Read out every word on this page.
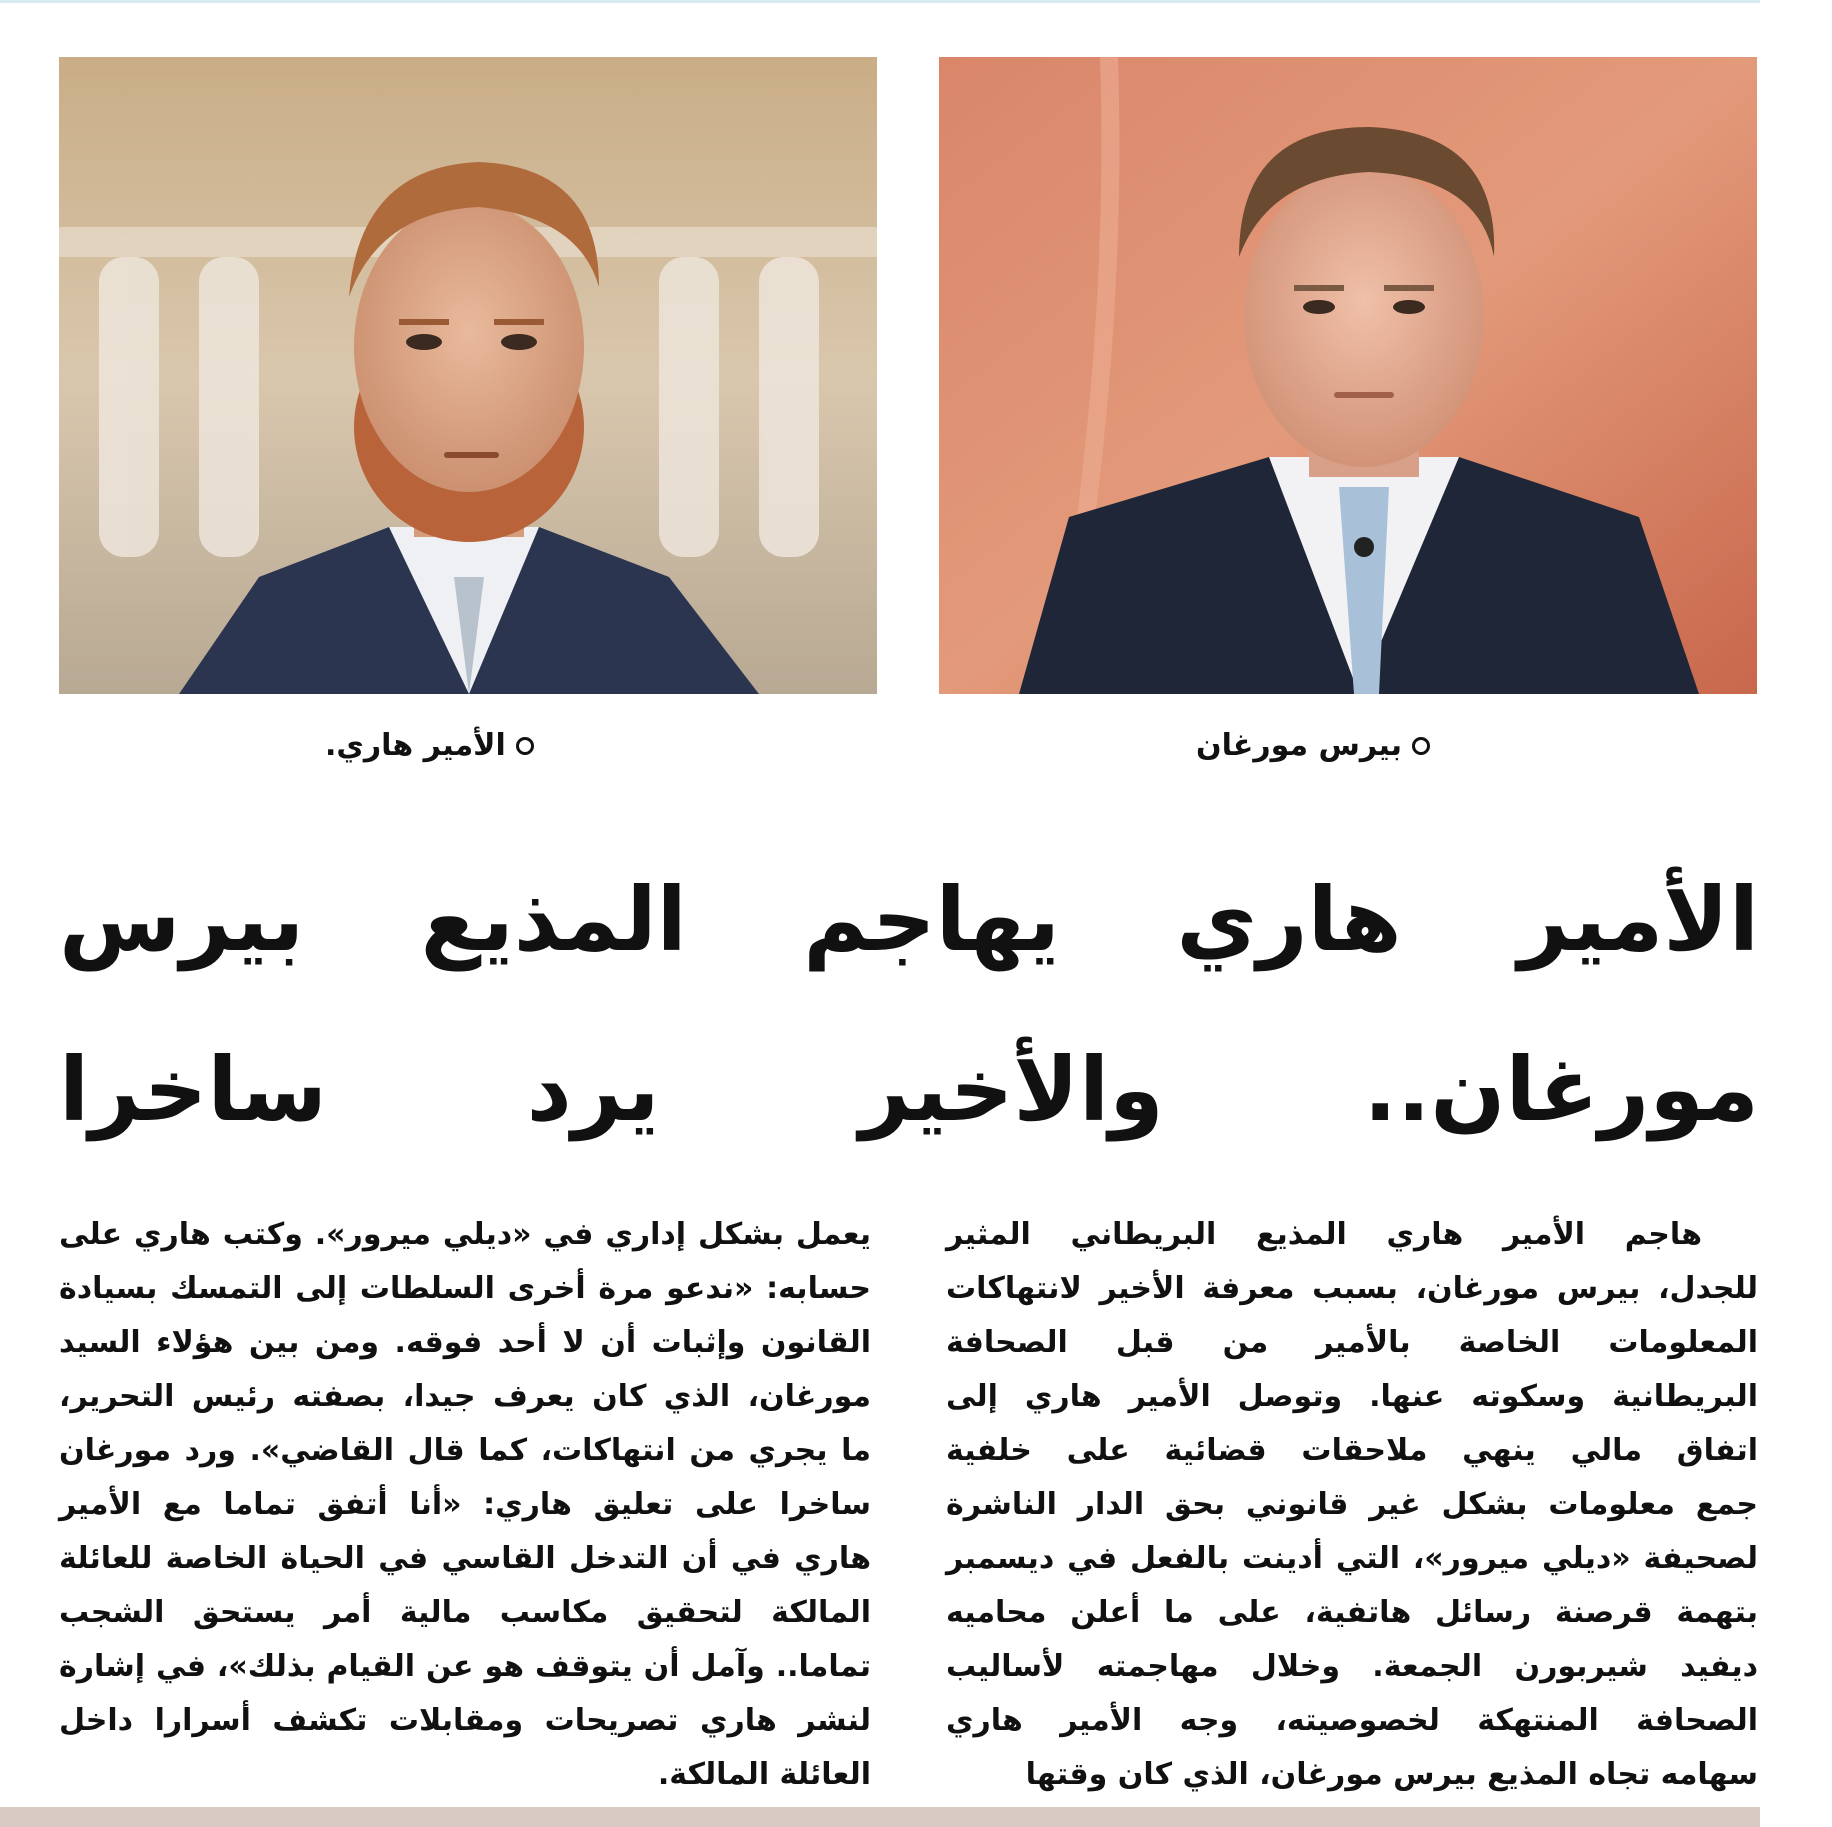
بيرس مورغان
الأمير هاري.
الأمير هاري يهاجم المذيع بيرس
مورغان.. والأخير يرد ساخرا
هاجم الأمير هاري المذيع البريطاني المثير
للجدل، بيرس مورغان، بسبب معرفة الأخير لانتهاكات
المعلومات الخاصة بالأمير من قبل الصحافة
البريطانية وسكوته عنها. وتوصل الأمير هاري إلى
اتفاق مالي ينهي ملاحقات قضائية على خلفية
جمع معلومات بشكل غير قانوني بحق الدار الناشرة
لصحيفة «ديلي ميرور»، التي أدينت بالفعل في ديسمبر
بتهمة قرصنة رسائل هاتفية، على ما أعلن محاميه
ديفيد شيربورن الجمعة. وخلال مهاجمته لأساليب
الصحافة المنتهكة لخصوصيته، وجه الأمير هاري
سهامه تجاه المذيع بيرس مورغان، الذي كان وقتها
يعمل بشكل إداري في «ديلي ميرور». وكتب هاري على
حسابه: «ندعو مرة أخرى السلطات إلى التمسك بسيادة
القانون وإثبات أن لا أحد فوقه. ومن بين هؤلاء السيد
مورغان، الذي كان يعرف جيدا، بصفته رئيس التحرير،
ما يجري من انتهاكات، كما قال القاضي». ورد مورغان
ساخرا على تعليق هاري: «أنا أتفق تماما مع الأمير
هاري في أن التدخل القاسي في الحياة الخاصة للعائلة
المالكة لتحقيق مكاسب مالية أمر يستحق الشجب
تماما.. وآمل أن يتوقف هو عن القيام بذلك»، في إشارة
لنشر هاري تصريحات ومقابلات تكشف أسرارا داخل
العائلة المالكة.
